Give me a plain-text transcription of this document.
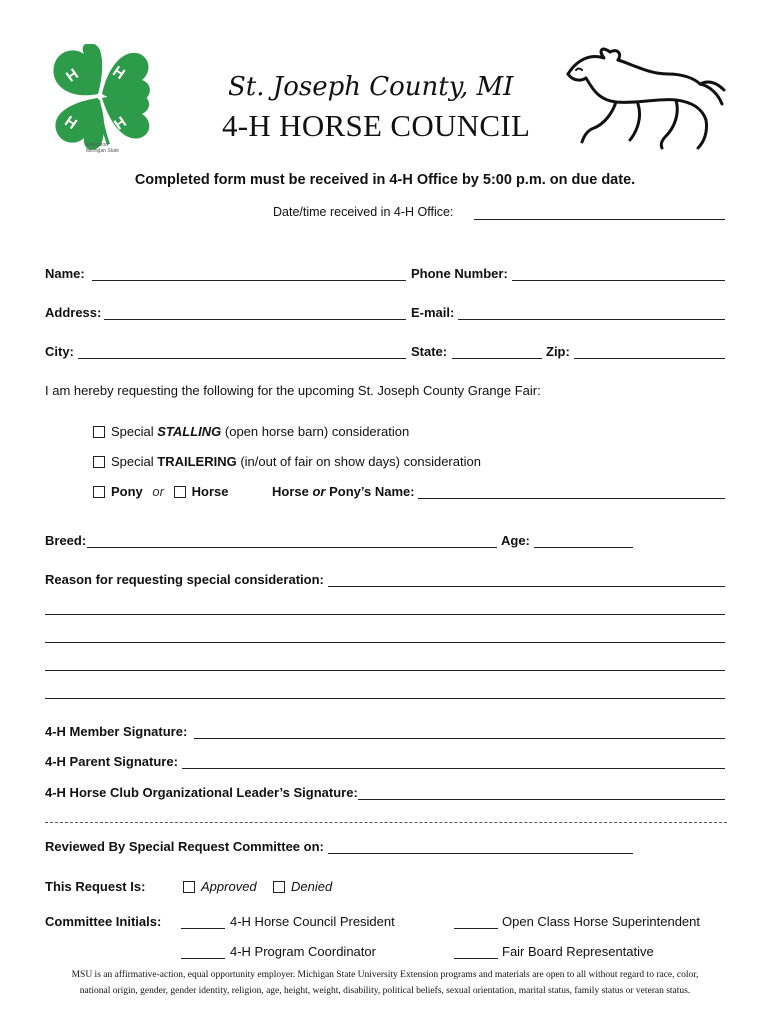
H H
H H
Extension
Michigan State
St. Joseph County, MI
4-H HORSE COUNCIL
Completed form must be received in 4-H Office by 5:00 p.m. on due date.
Date/time received in 4-H Office:
Name:	Phone Number:
Address:	E-mail:
City:	State:	Zip:
I am hereby requesting the following for the upcoming St. Joseph County Grange Fair:
Special STALLING (open horse barn) consideration
Special TRAILERING (in/out of fair on show days) consideration
Pony or Horse	Horse or Pony’s Name:
Breed:	Age:
Reason for requesting special consideration:
4-H Member Signature:
4-H Parent Signature:
4-H Horse Club Organizational Leader’s Signature:
Reviewed By Special Request Committee on:
This Request Is:	Approved	Denied
Committee Initials:	4-H Horse Council President	Open Class Horse Superintendent
4-H Program Coordinator	Fair Board Representative
MSU is an affirmative-action, equal opportunity employer. Michigan State University Extension programs and materials are open to all without regard to race, color,
national origin, gender, gender identity, religion, age, height, weight, disability, political beliefs, sexual orientation, marital status, family status or veteran status.
